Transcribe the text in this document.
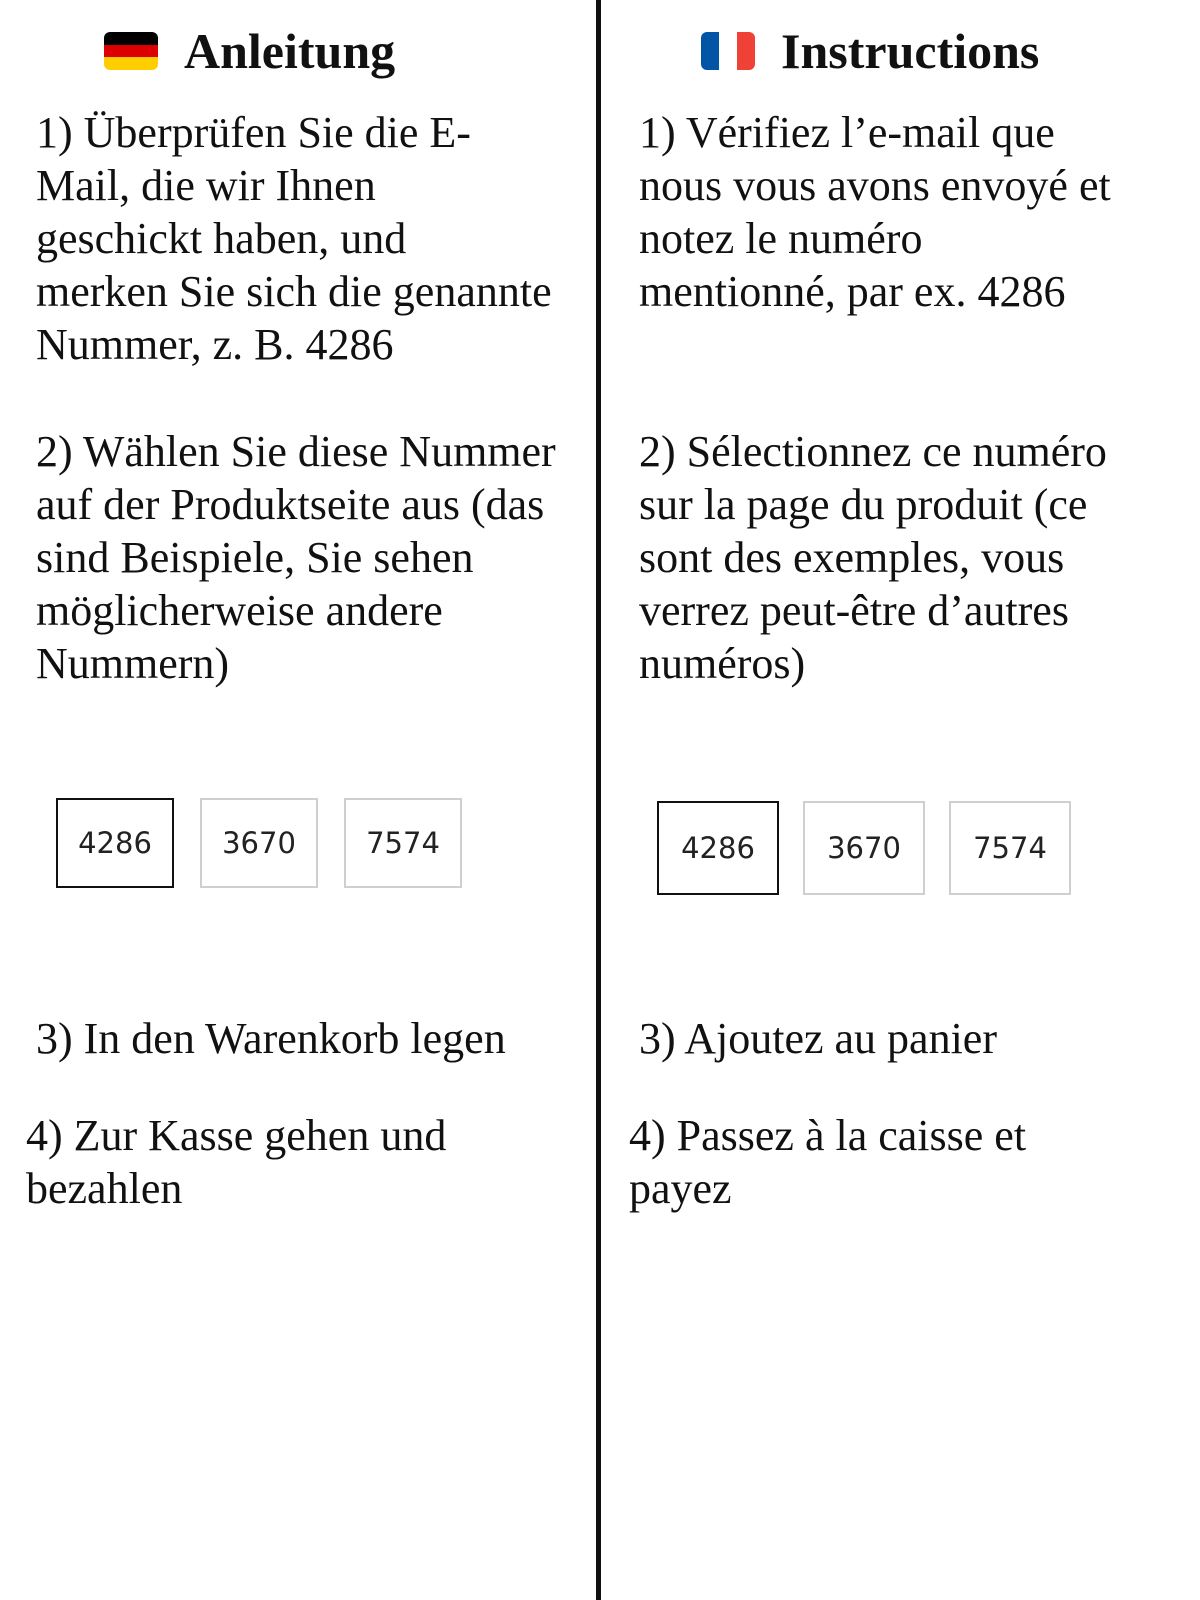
Anleitung

1) Überprüfen Sie die E-
Mail, die wir Ihnen
geschickt haben, und
merken Sie sich die genannte
Nummer, z. B. 4286

2) Wählen Sie diese Nummer
auf der Produktseite aus (das
sind Beispiele, Sie sehen
möglicherweise andere
Nummern)

4286	3670	7574

3) In den Warenkorb legen

4) Zur Kasse gehen und
bezahlen

Instructions

1) Vérifiez l’e-mail que
nous vous avons envoyé et
notez le numéro
mentionné, par ex. 4286

2) Sélectionnez ce numéro
sur la page du produit (ce
sont des exemples, vous
verrez peut-être d’autres
numéros)

4286	3670	7574

3) Ajoutez au panier

4) Passez à la caisse et
payez
